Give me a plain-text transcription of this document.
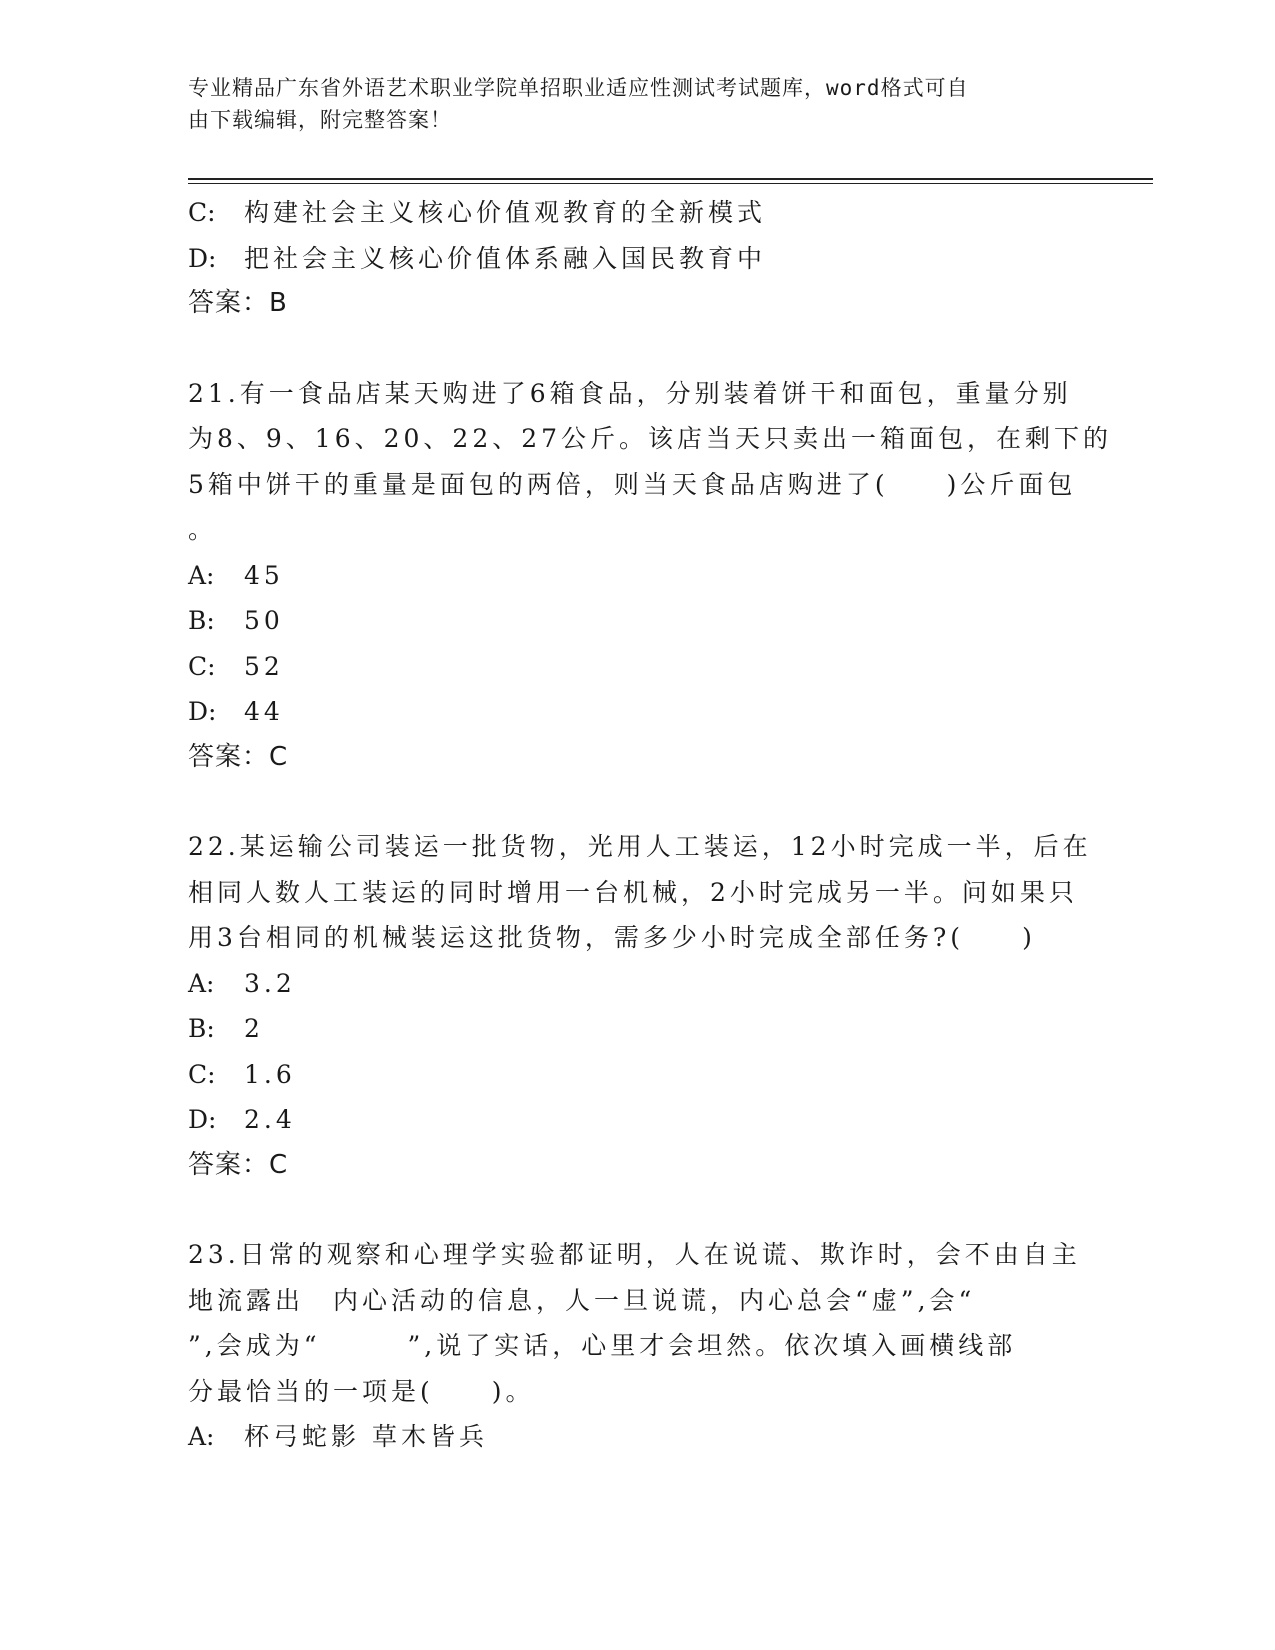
专业精品广东省外语艺术职业学院单招职业适应性测试考试题库，word格式可自
由下载编辑，附完整答案！
C: 构建社会主义核心价值观教育的全新模式
D: 把社会主义核心价值体系融入国民教育中
答案：B
21.有一食品店某天购进了6箱食品，分别装着饼干和面包，重量分别
为8、9、16、20、22、27公斤。该店当天只卖出一箱面包，在剩下的
5箱中饼干的重量是面包的两倍，则当天食品店购进了(　　)公斤面包
。
A: 45
B: 50
C: 52
D: 44
答案：C
22.某运输公司装运一批货物，光用人工装运，12小时完成一半，后在
相同人数人工装运的同时增用一台机械，2小时完成另一半。问如果只
用3台相同的机械装运这批货物，需多少小时完成全部任务?(　　)
A: 3.2
B: 2
C: 1.6
D: 2.4
答案：C
23.日常的观察和心理学实验都证明，人在说谎、欺诈时，会不由自主
地流露出　内心活动的信息，人一旦说谎，内心总会“虚”,会“
”,会成为“　　　”,说了实话，心里才会坦然。依次填入画横线部
分最恰当的一项是(　　)。
A: 杯弓蛇影 草木皆兵
